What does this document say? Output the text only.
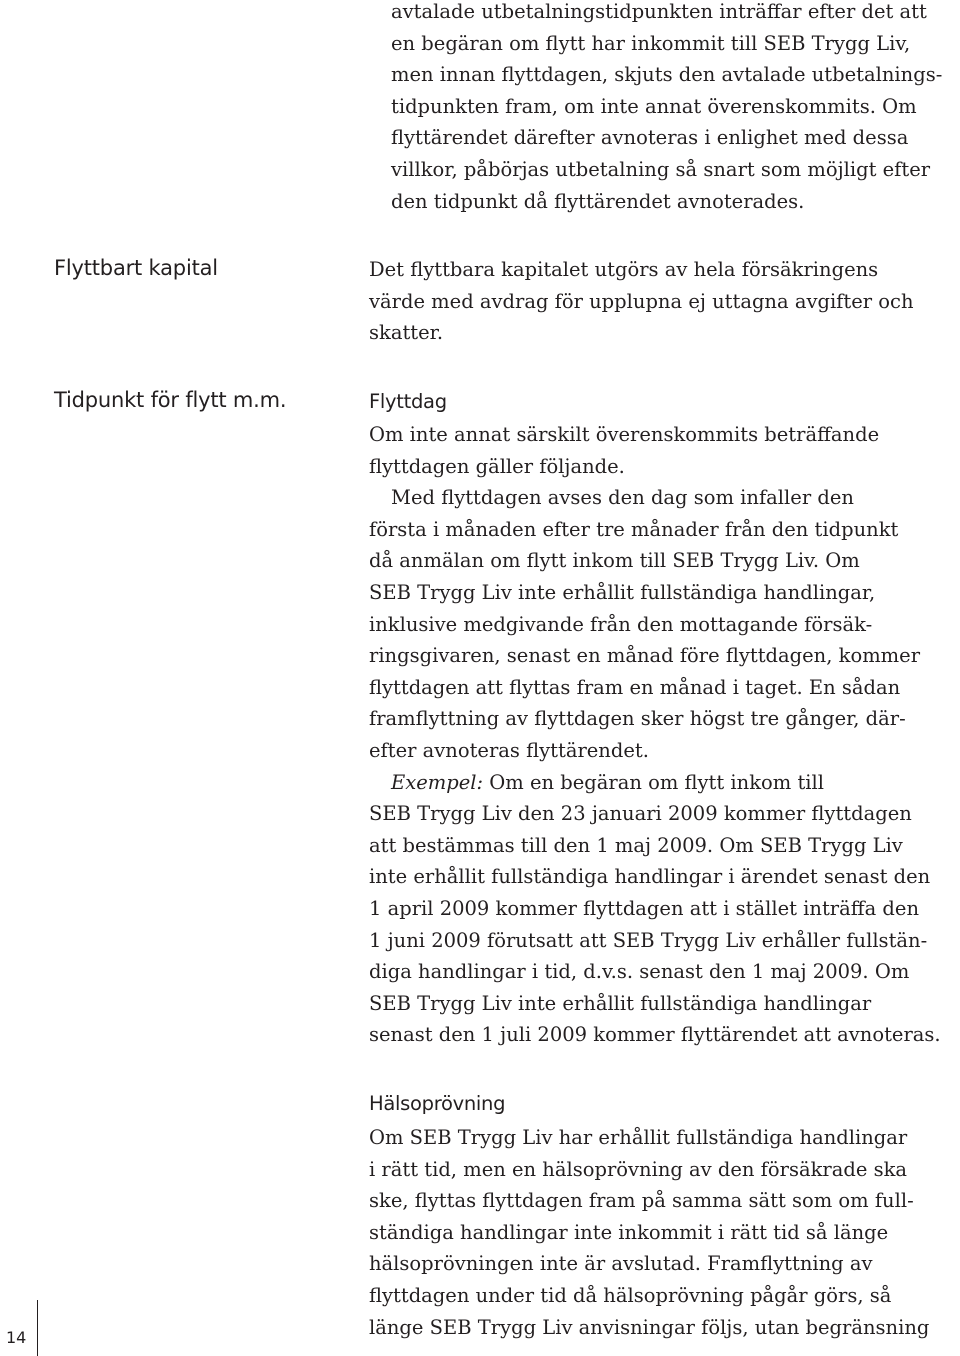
avtalade utbetalningstidpunkten inträffar efter det att
en begäran om flytt har inkommit till SEB Trygg Liv,
men innan flyttdagen, skjuts den avtalade utbetalnings-
tidpunkten fram, om inte annat överenskommits. Om
flyttärendet därefter avnoteras i enlighet med dessa
villkor, påbörjas utbetalning så snart som möjligt efter
den tidpunkt då flyttärendet avnoterades.
Flyttbart kapital	Det flyttbara kapitalet utgörs av hela försäkringens
värde med avdrag för upplupna ej uttagna avgifter och
skatter.
Tidpunkt för flytt m.m.	Flyttdag
Om inte annat särskilt överenskommits beträffande
flyttdagen gäller följande.
Med flyttdagen avses den dag som infaller den
första i månaden efter tre månader från den tidpunkt
då anmälan om flytt inkom till SEB Trygg Liv. Om
SEB Trygg Liv inte erhållit fullständiga handlingar,
inklusive medgivande från den mottagande försäk-
ringsgivaren, senast en månad före flyttdagen, kommer
flyttdagen att flyttas fram en månad i taget. En sådan
framflyttning av flyttdagen sker högst tre gånger, där-
efter avnoteras flyttärendet.
Exempel: Om en begäran om flytt inkom till
SEB Trygg Liv den 23 januari 2009 kommer flyttdagen
att bestämmas till den 1 maj 2009. Om SEB Trygg Liv
inte erhållit fullständiga handlingar i ärendet senast den
1 april 2009 kommer flyttdagen att i stället inträffa den
1 juni 2009 förutsatt att SEB Trygg Liv erhåller fullstän-
diga handlingar i tid, d.v.s. senast den 1 maj 2009. Om
SEB Trygg Liv inte erhållit fullständiga handlingar
senast den 1 juli 2009 kommer flyttärendet att avnoteras.
Hälsoprövning
Om SEB Trygg Liv har erhållit fullständiga handlingar
i rätt tid, men en hälsoprövning av den försäkrade ska
ske, flyttas flyttdagen fram på samma sätt som om full-
ständiga handlingar inte inkommit i rätt tid så länge
hälsoprövningen inte är avslutad. Framflyttning av
flyttdagen under tid då hälsoprövning pågår görs, så
länge SEB Trygg Liv anvisningar följs, utan begränsning
14
